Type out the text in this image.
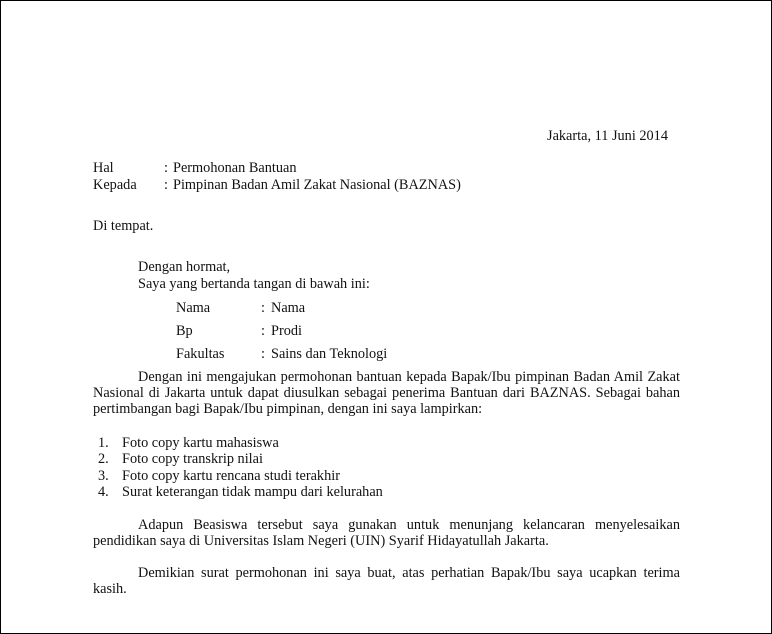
Jakarta, 11 Juni 2014
Hal	: Permohonan Bantuan
Kepada : Pimpinan Badan Amil Zakat Nasional (BAZNAS)
Di tempat.
Dengan hormat,
Saya yang bertanda tangan di bawah ini:
Nama	: Nama
Bp	: Prodi
Fakultas	: Sains dan Teknologi
Dengan ini mengajukan permohonan bantuan kepada Bapak/Ibu pimpinan Badan Amil Zakat Nasional di Jakarta untuk dapat diusulkan sebagai penerima Bantuan dari BAZNAS. Sebagai bahan pertimbangan bagi Bapak/Ibu pimpinan, dengan ini saya lampirkan:
1. Foto copy kartu mahasiswa
2. Foto copy transkrip nilai
3. Foto copy kartu rencana studi terakhir
4. Surat keterangan tidak mampu dari kelurahan
Adapun Beasiswa tersebut saya gunakan untuk menunjang kelancaran menyelesaikan pendidikan saya di Universitas Islam Negeri (UIN) Syarif Hidayatullah Jakarta.
Demikian surat permohonan ini saya buat, atas perhatian Bapak/Ibu saya ucapkan terima kasih.
